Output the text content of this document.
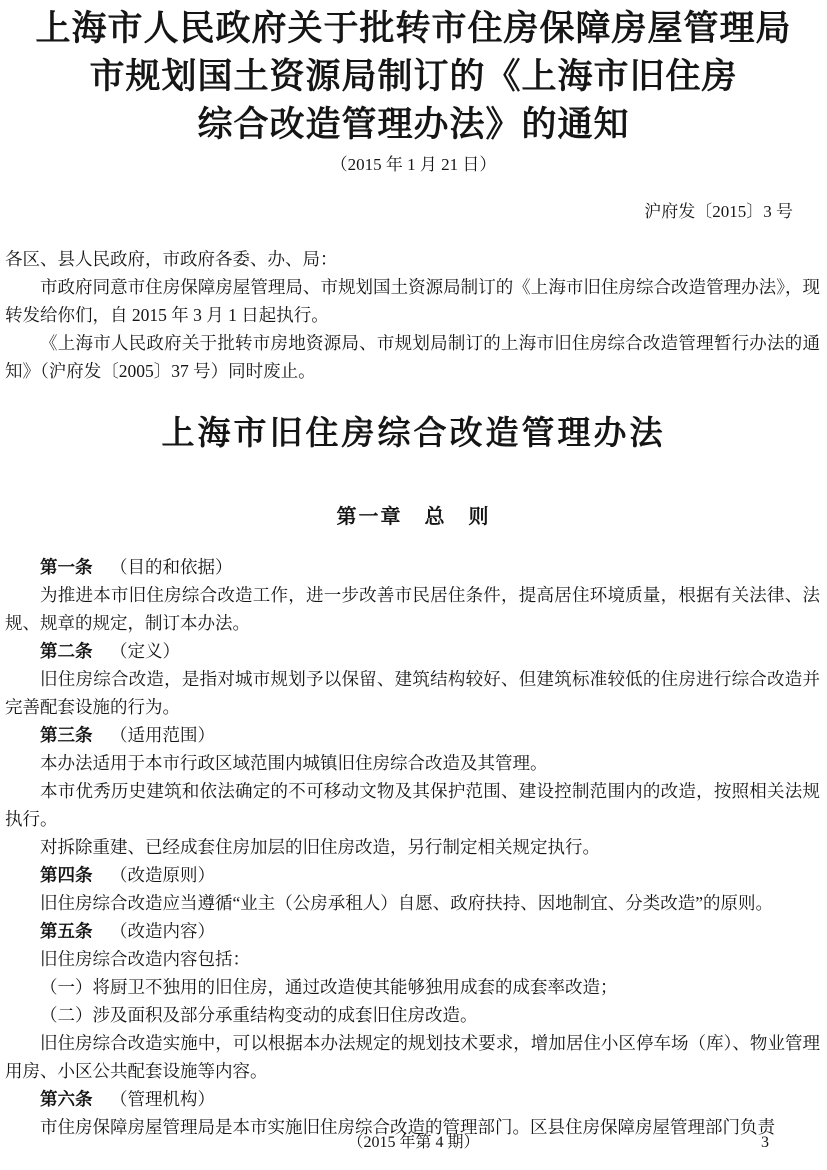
上海市人民政府关于批转市住房保障房屋管理局
市规划国土资源局制订的《上海市旧住房
综合改造管理办法》的通知
（2015 年 1 月 21 日）
沪府发〔2015〕3 号

各区、县人民政府，市政府各委、办、局：

市政府同意市住房保障房屋管理局、市规划国土资源局制订的《上海市旧住房综合改造管理办法》，现转发给你们，自 2015 年 3 月 1 日起执行。

《上海市人民政府关于批转市房地资源局、市规划局制订的上海市旧住房综合改造管理暂行办法的通知》（沪府发〔2005〕37 号）同时废止。

上海市旧住房综合改造管理办法
第一章　总　则

第一条 （目的和依据）

为推进本市旧住房综合改造工作，进一步改善市民居住条件，提高居住环境质量，根据有关法律、法规、规章的规定，制订本办法。

第二条 （定义）

旧住房综合改造，是指对城市规划予以保留、建筑结构较好、但建筑标准较低的住房进行综合改造并完善配套设施的行为。

第三条 （适用范围）

本办法适用于本市行政区域范围内城镇旧住房综合改造及其管理。

本市优秀历史建筑和依法确定的不可移动文物及其保护范围、建设控制范围内的改造，按照相关法规执行。

对拆除重建、已经成套住房加层的旧住房改造，另行制定相关规定执行。

第四条 （改造原则）

旧住房综合改造应当遵循“业主（公房承租人）自愿、政府扶持、因地制宜、分类改造”的原则。

第五条 （改造内容）

旧住房综合改造内容包括：

（一）将厨卫不独用的旧住房，通过改造使其能够独用成套的成套率改造；

（二）涉及面积及部分承重结构变动的成套旧住房改造。

旧住房综合改造实施中，可以根据本办法规定的规划技术要求，增加居住小区停车场（库）、物业管理用房、小区公共配套设施等内容。

第六条 （管理机构）

市住房保障房屋管理局是本市实施旧住房综合改造的管理部门。区县住房保障房屋管理部门负责

（2015 年第 4 期）	3
